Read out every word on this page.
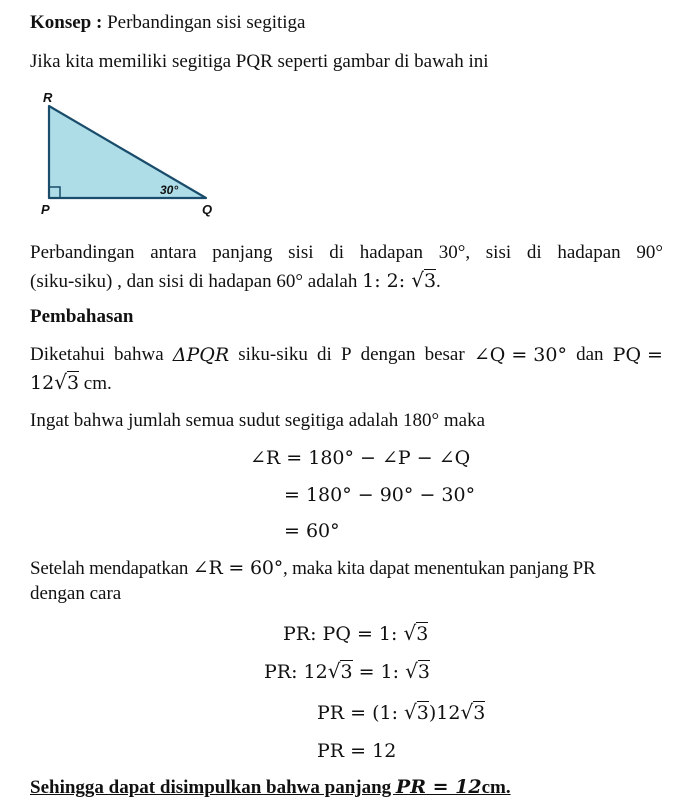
Konsep : Perbandingan sisi segitiga
Jika kita memiliki segitiga PQR seperti gambar di bawah ini
R
P	Q
30°
Perbandingan antara panjang sisi di hadapan 30°, sisi di hadapan 90°
(siku-siku) , dan sisi di hadapan 60° adalah 1: 2: √3.
Pembahasan
Diketahui bahwa ΔPQR siku-siku di P dengan besar ∠Q = 30° dan PQ =
12√3 cm.
Ingat bahwa jumlah semua sudut segitiga adalah 180° maka
∠R = 180° − ∠P − ∠Q
= 180° − 90° − 30°
= 60°
Setelah mendapatkan ∠R = 60°, maka kita dapat menentukan panjang PR
dengan cara
PR: PQ = 1: √3
PR: 12√3 = 1: √3
PR = (1: √3)12√3
PR = 12
Sehingga dapat disimpulkan bahwa panjang PR = 12cm.
